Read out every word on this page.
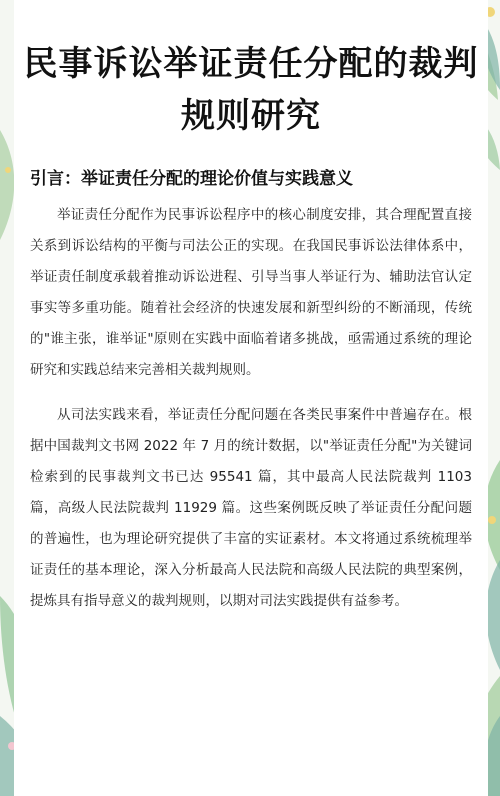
民事诉讼举证责任分配的裁判
规则研究
引言：举证责任分配的理论价值与实践意义

举证责任分配作为民事诉讼程序中的核心制度安排，其合理配置直接关系到诉讼结构的平衡与司法公正的实现。在我国民事诉讼法律体系中，举证责任制度承载着推动诉讼进程、引导当事人举证行为、辅助法官认定事实等多重功能。随着社会经济的快速发展和新型纠纷的不断涌现，传统的"谁主张，谁举证"原则在实践中面临着诸多挑战，亟需通过系统的理论研究和实践总结来完善相关裁判规则。

从司法实践来看，举证责任分配问题在各类民事案件中普遍存在。根据中国裁判文书网 2022 年 7 月的统计数据，以"举证责任分配"为关键词检索到的民事裁判文书已达 95541 篇，其中最高人民法院裁判 1103 篇，高级人民法院裁判 11929 篇。这些案例既反映了举证责任分配问题的普遍性，也为理论研究提供了丰富的实证素材。本文将通过系统梳理举证责任的基本理论，深入分析最高人民法院和高级人民法院的典型案例，提炼具有指导意义的裁判规则，以期对司法实践提供有益参考。
